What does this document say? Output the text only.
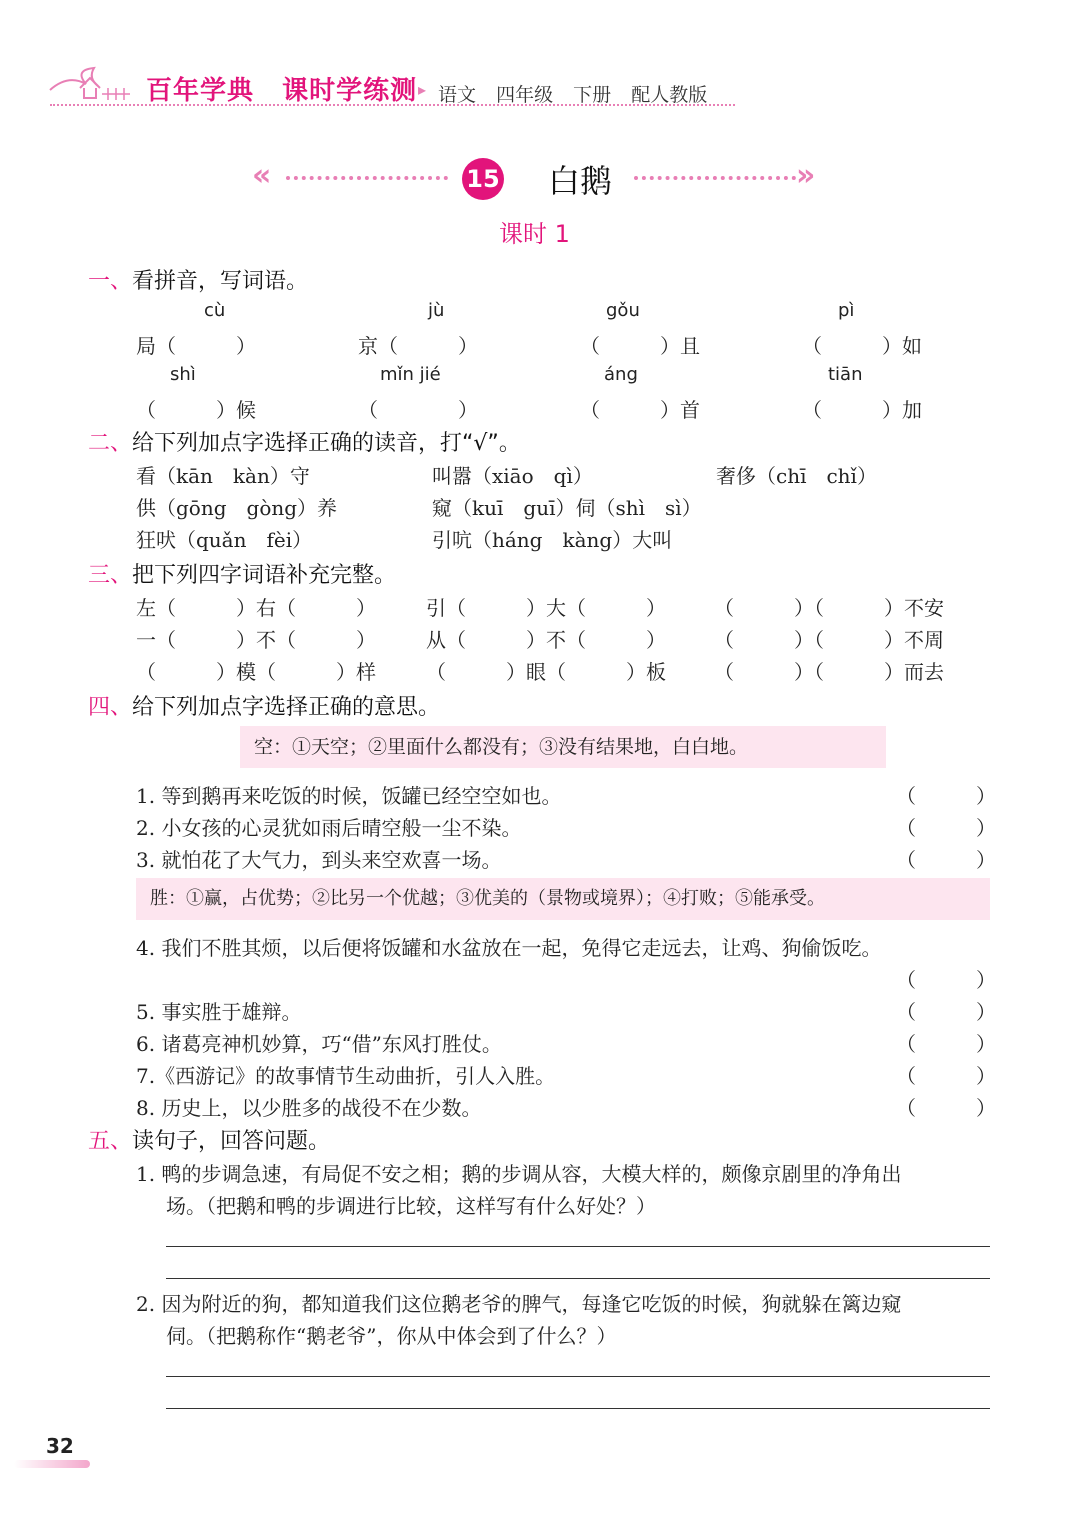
百年学典 课时学练测 ▸ 语文 四年级 下册 配人教版
«	15 白鹅	»
课时 1
一、看拼音，写词语。
cù	jù	gǒu	pì
局（　　　）	京（　　　）	（　　　）且	（　　　）如
shì	mǐn jié	áng	tiān
（　　　）候	（　　　　）	（　　　）首	（　　　）加
二、给下列加点字选择正确的读音，打“√”。
看（kān　kàn）守	叫嚣（xiāo　qì）	奢侈（chī　chǐ）
供（gōng　gòng）养	窥（kuī　guī）伺（shì　sì）
狂吠（quǎn　fèi）	引吭（háng　kàng）大叫
三、把下列四字词语补充完整。
左（　　　）右（　　　）	引（　　　）大（　　　） （　　　）（　　　）不安
一（　　　）不（　　　）	从（　　　）不（　　　） （　　　）（　　　）不周
（　　　）模（　　　）样	（　　　）眼（　　　）板 （　　　）（　　　）而去
四、给下列加点字选择正确的意思。
空：①天空；②里面什么都没有；③没有结果地，白白地。
1. 等到鹅再来吃饭的时候，饭罐已经空空如也。	（　　　）
2. 小女孩的心灵犹如雨后晴空般一尘不染。	（　　　）
3. 就怕花了大气力，到头来空欢喜一场。	（　　　）
胜：①赢，占优势；②比另一个优越；③优美的（景物或境界）；④打败；⑤能承受。
4. 我们不胜其烦，以后便将饭罐和水盆放在一起，免得它走远去，让鸡、狗偷饭吃。
（　　　）
5. 事实胜于雄辩。	（　　　）
6. 诸葛亮神机妙算，巧“借”东风打胜仗。	（　　　）
7.《西游记》的故事情节生动曲折，引人入胜。	（　　　）
8. 历史上，以少胜多的战役不在少数。	（　　　）
五、读句子，回答问题。
1. 鸭的步调急速，有局促不安之相；鹅的步调从容，大模大样的，颇像京剧里的净角出
场。（把鹅和鸭的步调进行比较，这样写有什么好处？）
2. 因为附近的狗，都知道我们这位鹅老爷的脾气，每逢它吃饭的时候，狗就躲在篱边窥
伺。（把鹅称作“鹅老爷”，你从中体会到了什么？）
32
